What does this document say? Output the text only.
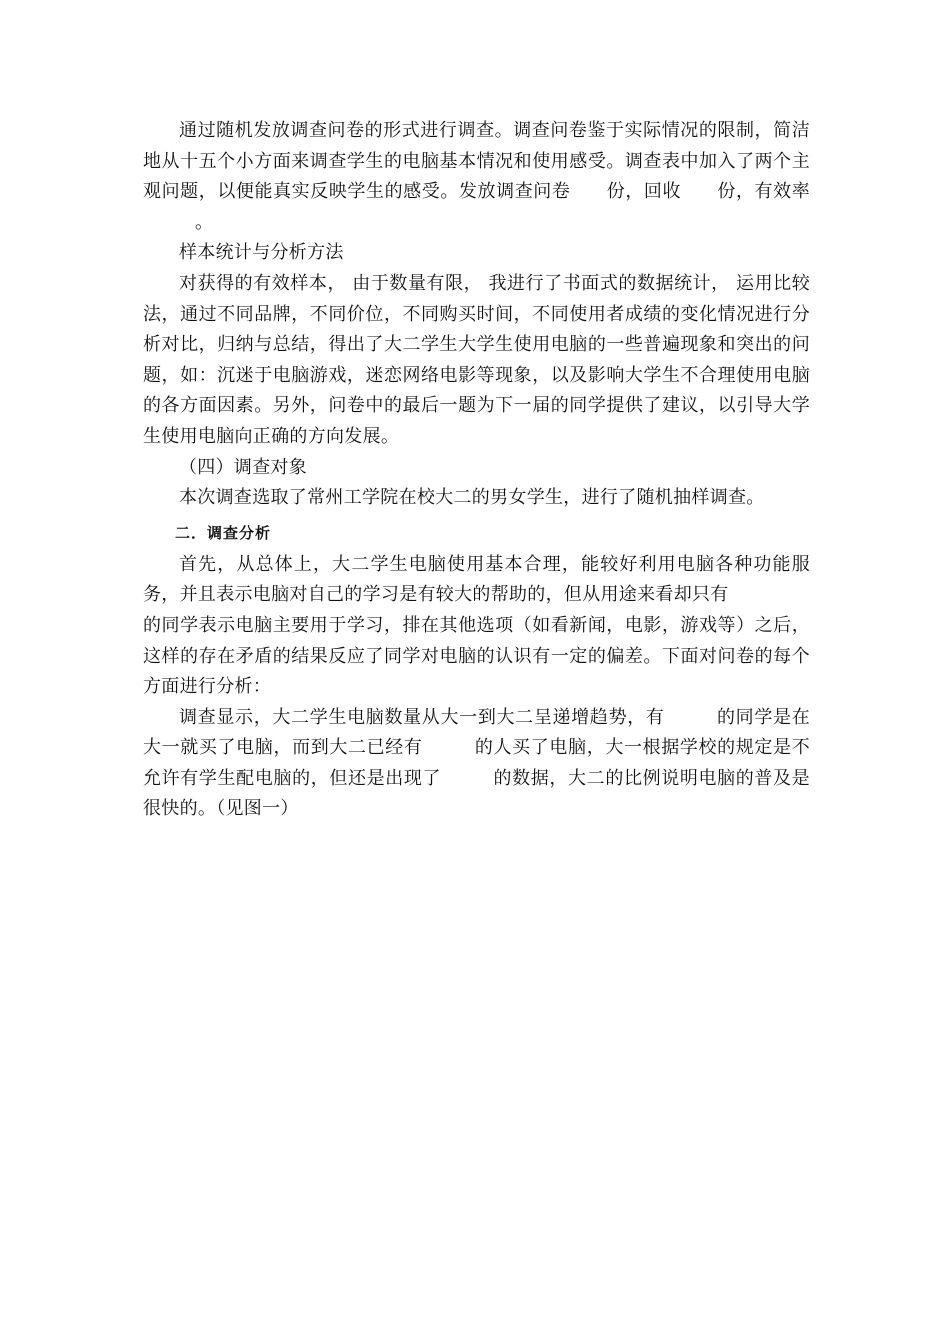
通过随机发放调查问卷的形式进行调查。调查问卷鉴于实际情况的限制，简洁地从十五个小方面来调查学生的电脑基本情况和使用感受。调查表中加入了两个主观问题，以便能真实反映学生的感受。发放调查问卷 份，回收 份，有效率。

样本统计与分析方法

对获得的有效样本， 由于数量有限， 我进行了书面式的数据统计， 运用比较法，通过不同品牌，不同价位，不同购买时间，不同使用者成绩的变化情况进行分析对比，归纳与总结，得出了大二学生大学生使用电脑的一些普遍现象和突出的问题，如：沉迷于电脑游戏，迷恋网络电影等现象，以及影响大学生不合理使用电脑的各方面因素。另外，问卷中的最后一题为下一届的同学提供了建议，以引导大学生使用电脑向正确的方向发展。

（四）调查对象

本次调查选取了常州工学院在校大二的男女学生，进行了随机抽样调查。

二．调查分析

首先，从总体上，大二学生电脑使用基本合理，能较好利用电脑各种功能服务，并且表示电脑对自己的学习是有较大的帮助的，但从用途来看却只有

的同学表示电脑主要用于学习，排在其他选项（如看新闻，电影，游戏等）之后，这样的存在矛盾的结果反应了同学对电脑的认识有一定的偏差。下面对问卷的每个方面进行分析：

调查显示，大二学生电脑数量从大一到大二呈递增趋势，有	的同学是在大一就买了电脑，而到大二已经有	的人买了电脑，大一根据学校的规定是不允许有学生配电脑的，但还是出现了	的数据，大二的比例说明电脑的普及是很快的。（见图一）
